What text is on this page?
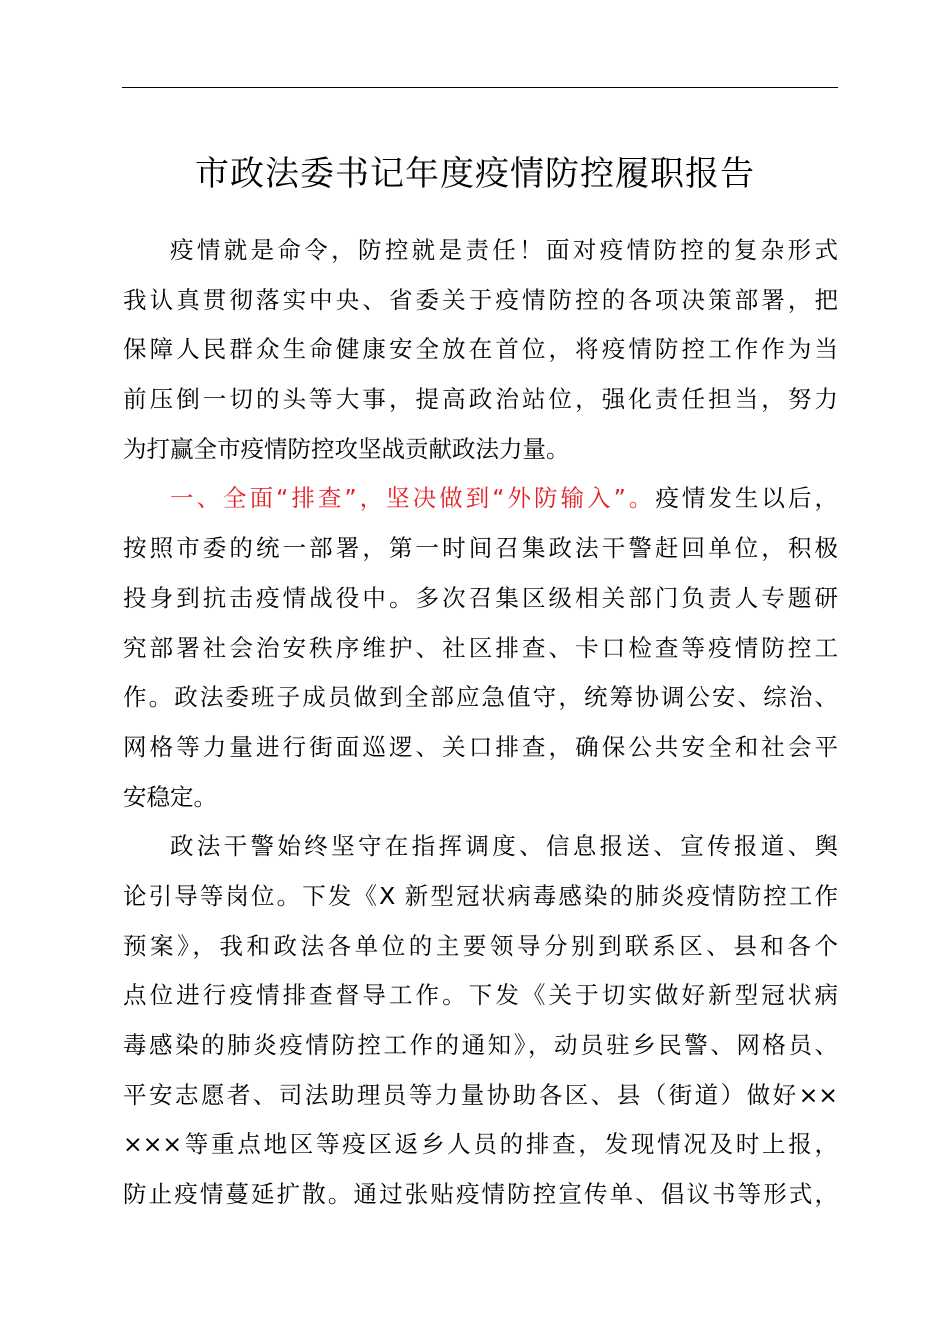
市政法委书记年度疫情防控履职报告
疫情就是命令，防控就是责任！面对疫情防控的复杂形式
我认真贯彻落实中央、省委关于疫情防控的各项决策部署，把
保障人民群众生命健康安全放在首位，将疫情防控工作作为当
前压倒一切的头等大事，提高政治站位，强化责任担当，努力
为打赢全市疫情防控攻坚战贡献政法力量。
一、全面“排查”，坚决做到“外防输入”。疫情发生以后，
按照市委的统一部署，第一时间召集政法干警赶回单位，积极
投身到抗击疫情战役中。多次召集区级相关部门负责人专题研
究部署社会治安秩序维护、社区排查、卡口检查等疫情防控工
作。政法委班子成员做到全部应急值守，统筹协调公安、综治、
网格等力量进行街面巡逻、关口排查，确保公共安全和社会平
安稳定。
政法干警始终坚守在指挥调度、信息报送、宣传报道、舆
论引导等岗位。下发《X 新型冠状病毒感染的肺炎疫情防控工作
预案》，我和政法各单位的主要领导分别到联系区、县和各个
点位进行疫情排查督导工作。下发《关于切实做好新型冠状病
毒感染的肺炎疫情防控工作的通知》，动员驻乡民警、网格员、
平安志愿者、司法助理员等力量协助各区、县（街道）做好××
×××等重点地区等疫区返乡人员的排查，发现情况及时上报，
防止疫情蔓延扩散。通过张贴疫情防控宣传单、倡议书等形式，
